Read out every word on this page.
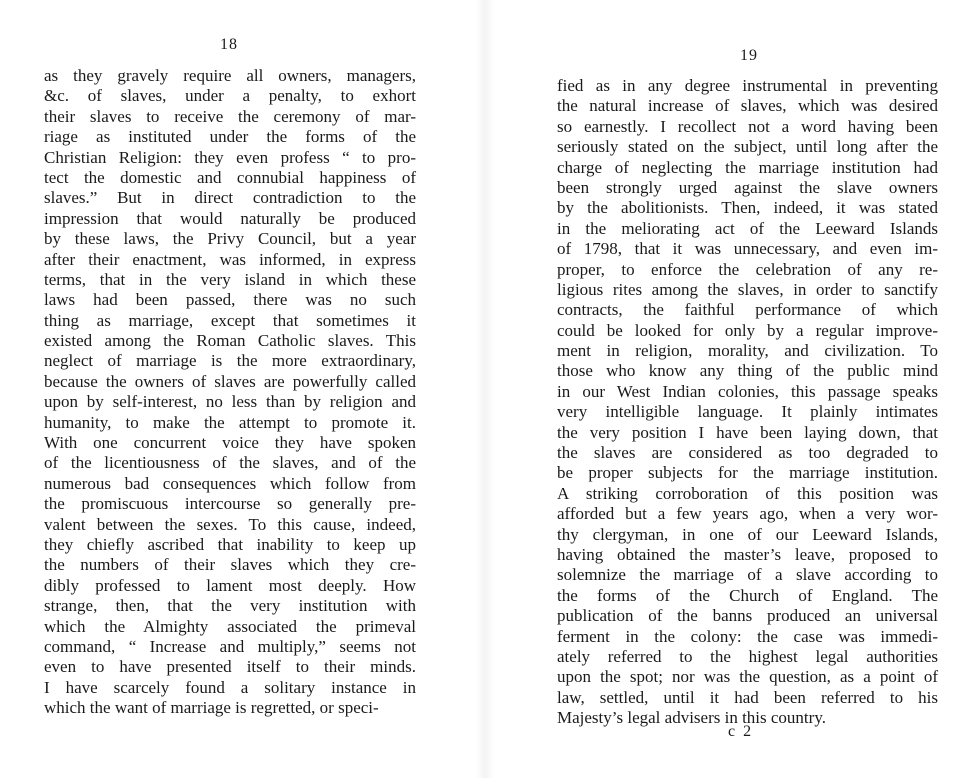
18
as they gravely require all owners, managers,
&c. of slaves, under a penalty, to exhort
their slaves to receive the ceremony of mar-
riage as instituted under the forms of the
Christian Religion: they even profess “ to pro-
tect the domestic and connubial happiness of
slaves.” But in direct contradiction to the
impression that would naturally be produced
by these laws, the Privy Council, but a year
after their enactment, was informed, in express
terms, that in the very island in which these
laws had been passed, there was no such
thing as marriage, except that sometimes it
existed among the Roman Catholic slaves. This
neglect of marriage is the more extraordinary,
because the owners of slaves are powerfully called
upon by self-interest, no less than by religion and
humanity, to make the attempt to promote it.
With one concurrent voice they have spoken
of the licentiousness of the slaves, and of the
numerous bad consequences which follow from
the promiscuous intercourse so generally pre-
valent between the sexes. To this cause, indeed,
they chiefly ascribed that inability to keep up
the numbers of their slaves which they cre-
dibly professed to lament most deeply. How
strange, then, that the very institution with
which the Almighty associated the primeval
command, “ Increase and multiply,” seems not
even to have presented itself to their minds.
I have scarcely found a solitary instance in
which the want of marriage is regretted, or speci-
19
fied as in any degree instrumental in preventing
the natural increase of slaves, which was desired
so earnestly. I recollect not a word having been
seriously stated on the subject, until long after the
charge of neglecting the marriage institution had
been strongly urged against the slave owners
by the abolitionists. Then, indeed, it was stated
in the meliorating act of the Leeward Islands
of 1798, that it was unnecessary, and even im-
proper, to enforce the celebration of any re-
ligious rites among the slaves, in order to sanctify
contracts, the faithful performance of which
could be looked for only by a regular improve-
ment in religion, morality, and civilization. To
those who know any thing of the public mind
in our West Indian colonies, this passage speaks
very intelligible language. It plainly intimates
the very position I have been laying down, that
the slaves are considered as too degraded to
be proper subjects for the marriage institution.
A striking corroboration of this position was
afforded but a few years ago, when a very wor-
thy clergyman, in one of our Leeward Islands,
having obtained the master’s leave, proposed to
solemnize the marriage of a slave according to
the forms of the Church of England. The
publication of the banns produced an universal
ferment in the colony: the case was immedi-
ately referred to the highest legal authorities
upon the spot; nor was the question, as a point of
law, settled, until it had been referred to his
Majesty’s legal advisers in this country.
c 2
